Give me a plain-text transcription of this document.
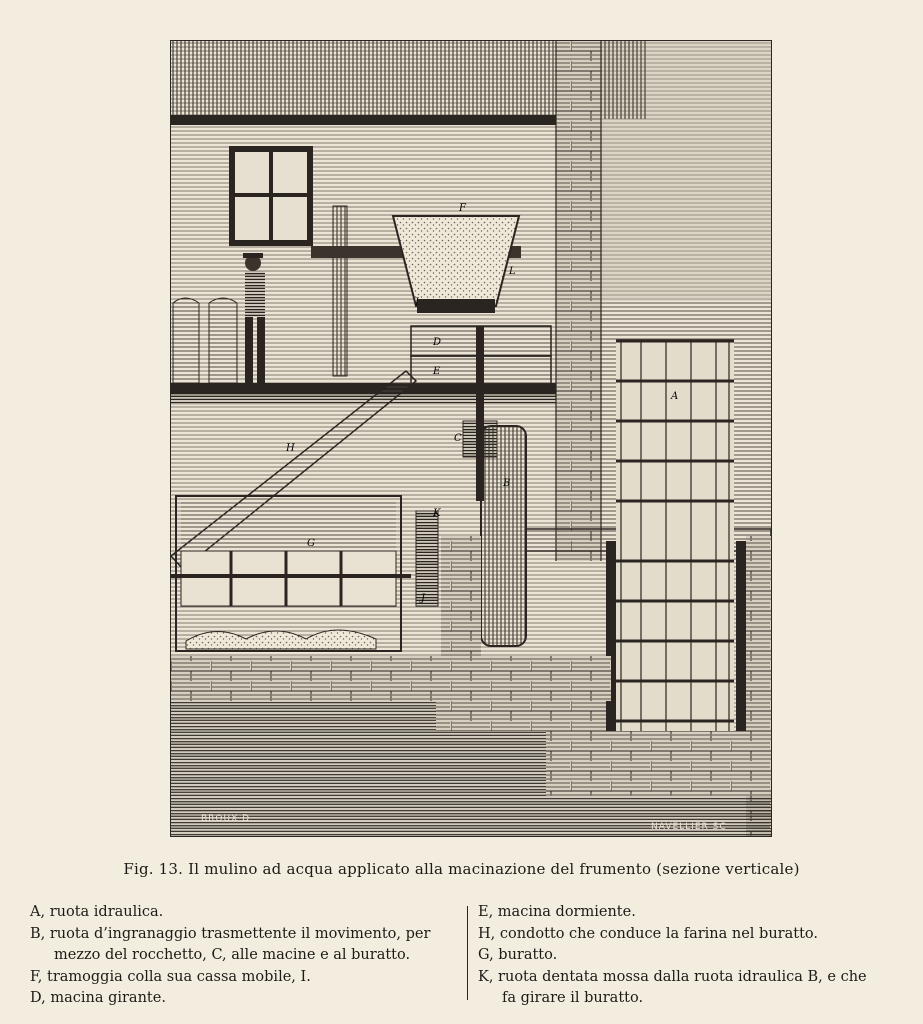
A
B
C
D
E
F
G
H
I
J
K
L
BROUX D
NAVELLIER SC
Fig. 13. Il mulino ad acqua applicato alla macinazione del frumento (sezione verticale)

A, ruota idraulica.

B, ruota d’ingranaggio trasmettente il movimento, per
mezzo del rocchetto, C, alle macine e al buratto.

F, tramoggia colla sua cassa mobile, I.

D, macina girante.

E, macina dormiente.

H, condotto che conduce la farina nel buratto.

G, buratto.

K, ruota dentata mossa dalla ruota idraulica B, e che
fa girare il buratto.
